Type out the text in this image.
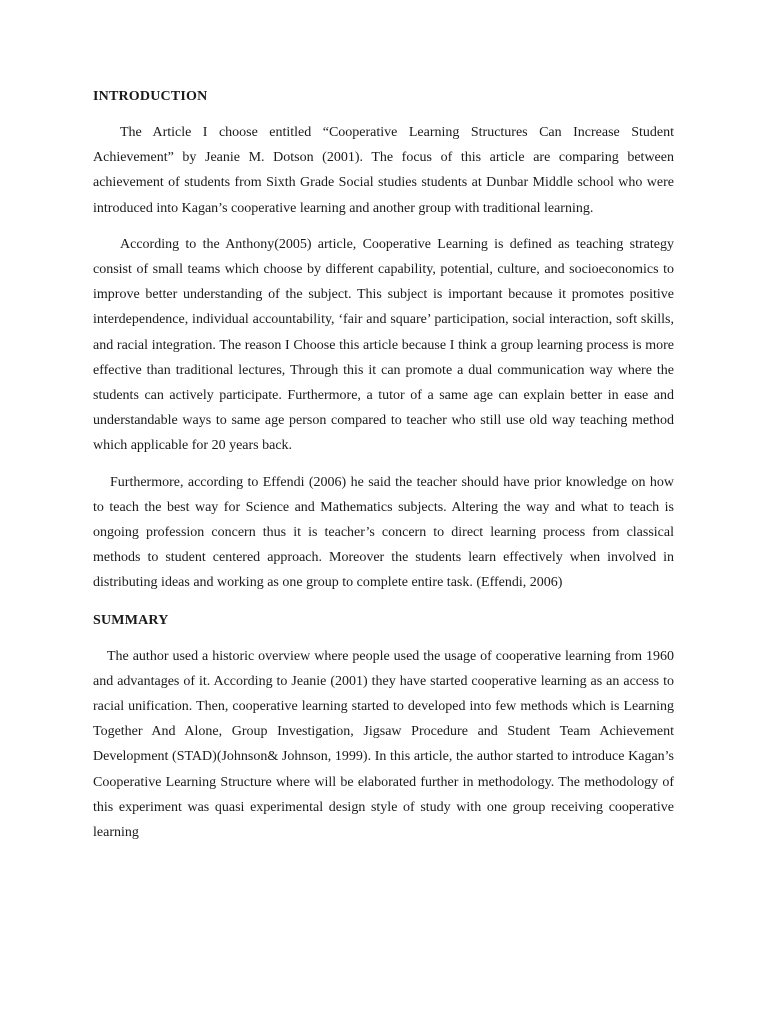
INTRODUCTION

The Article I choose entitled “Cooperative Learning Structures Can Increase Student Achievement” by Jeanie M. Dotson (2001). The focus of this article are comparing between achievement of students from Sixth Grade Social studies students at Dunbar Middle school who were introduced into Kagan’s cooperative learning and another group with traditional learning.

According to the Anthony(2005) article, Cooperative Learning is defined as teaching strategy consist of small teams which choose by different capability, potential, culture, and socioeconomics to improve better understanding of the subject. This subject is important because it promotes positive interdependence, individual accountability, ‘fair and square’ participation, social interaction, soft skills, and racial integration. The reason I Choose this article because I think a group learning process is more effective than traditional lectures, Through this it can promote a dual communication way where the students can actively participate. Furthermore, a tutor of a same age can explain better in ease and understandable ways to same age person compared to teacher who still use old way teaching method which applicable for 20 years back.

Furthermore, according to Effendi (2006) he said the teacher should have prior knowledge on how to teach the best way for Science and Mathematics subjects. Altering the way and what to teach is ongoing profession concern thus it is teacher’s concern to direct learning process from classical methods to student centered approach. Moreover the students learn effectively when involved in distributing ideas and working as one group to complete entire task. (Effendi, 2006)

SUMMARY

The author used a historic overview where people used the usage of cooperative learning from 1960 and advantages of it. According to Jeanie (2001) they have started cooperative learning as an access to racial unification. Then, cooperative learning started to developed into few methods which is Learning Together And Alone, Group Investigation, Jigsaw Procedure and Student Team Achievement Development (STAD)(Johnson& Johnson, 1999). In this article, the author started to introduce Kagan’s Cooperative Learning Structure where will be elaborated further in methodology. The methodology of this experiment was quasi experimental design style of study with one group receiving cooperative learning
